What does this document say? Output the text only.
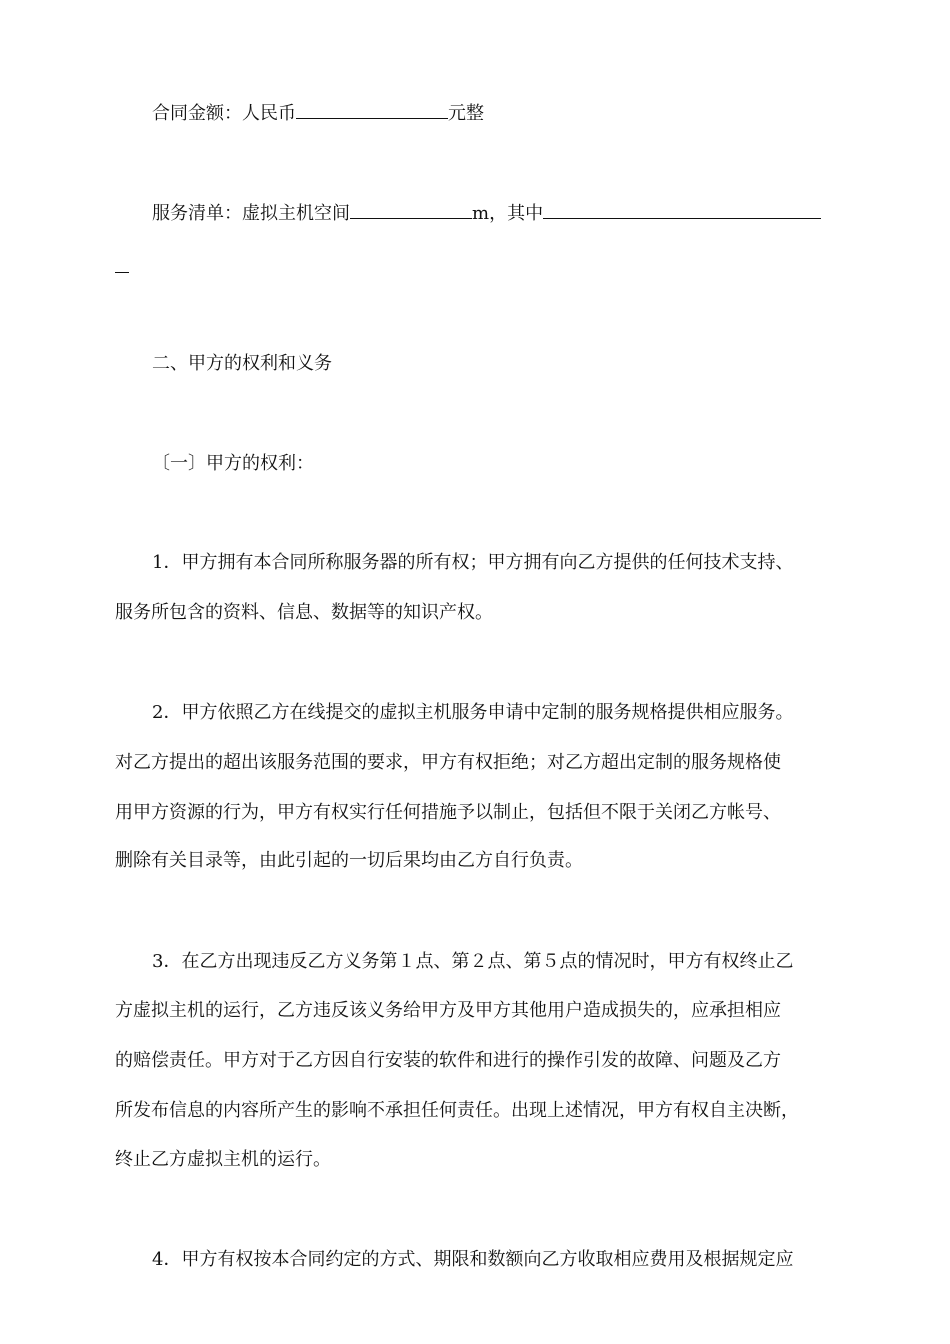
合同金额：人民币	元整
服务清单：虚拟主机空间	m，其中
二、甲方的权利和义务
〔一〕甲方的权利：
1．甲方拥有本合同所称服务器的所有权；甲方拥有向乙方提供的任何技术支持、
服务所包含的资料、信息、数据等的知识产权。
2．甲方依照乙方在线提交的虚拟主机服务申请中定制的服务规格提供相应服务。
对乙方提出的超出该服务范围的要求，甲方有权拒绝；对乙方超出定制的服务规格使
用甲方资源的行为，甲方有权实行任何措施予以制止，包括但不限于关闭乙方帐号、
删除有关目录等，由此引起的一切后果均由乙方自行负责。
3．在乙方出现违反乙方义务第１点、第２点、第５点的情况时，甲方有权终止乙
方虚拟主机的运行，乙方违反该义务给甲方及甲方其他用户造成损失的，应承担相应
的赔偿责任。甲方对于乙方因自行安装的软件和进行的操作引发的故障、问题及乙方
所发布信息的内容所产生的影响不承担任何责任。出现上述情况，甲方有权自主决断，
终止乙方虚拟主机的运行。
4．甲方有权按本合同约定的方式、期限和数额向乙方收取相应费用及根据规定应
